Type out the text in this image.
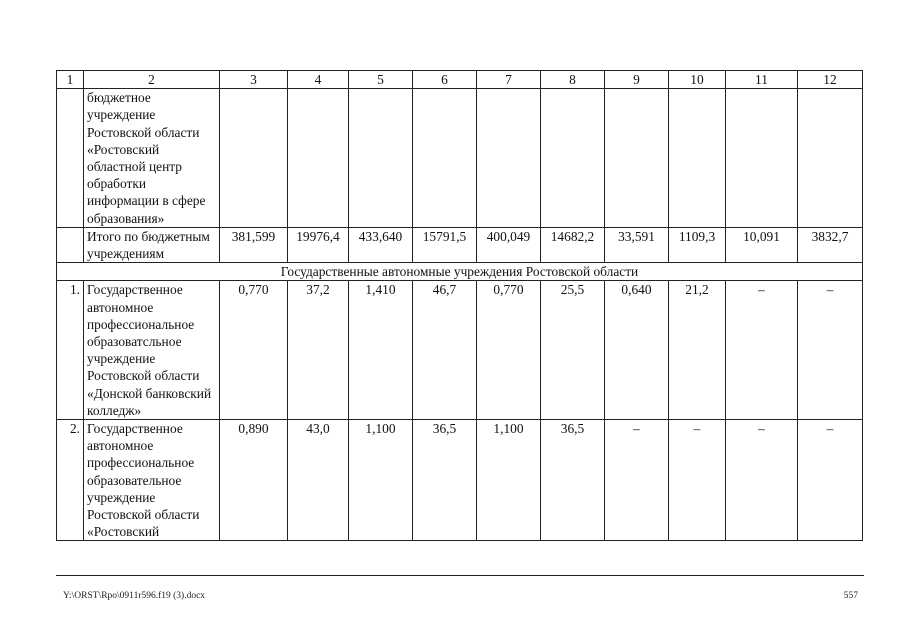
1	2	3	4	5	6	7	8	9	10	11	12
	бюджетное учреждение Ростовской области «Ростовский областной центр обработки информации в сфере образования»										
	Итого по бюджетным учреждениям	381,599	19976,4	433,640	15791,5	400,049	14682,2	33,591	1109,3	10,091	3832,7
Государственные автономные учреждения Ростовской области											
1.	Государственное автономное профессиональное образоватсльное учреждение Ростовской области «Донской банковский колледж»	0,770	37,2	1,410	46,7	0,770	25,5	0,640	21,2	–	–
2.	Государственное автономное профессиональное образовательное учреждение Ростовской области «Ростовский	0,890	43,0	1,100	36,5	1,100	36,5	–	–	–	–
Y:\ORST\Rpo\0911r596.f19 (3).docx	557
